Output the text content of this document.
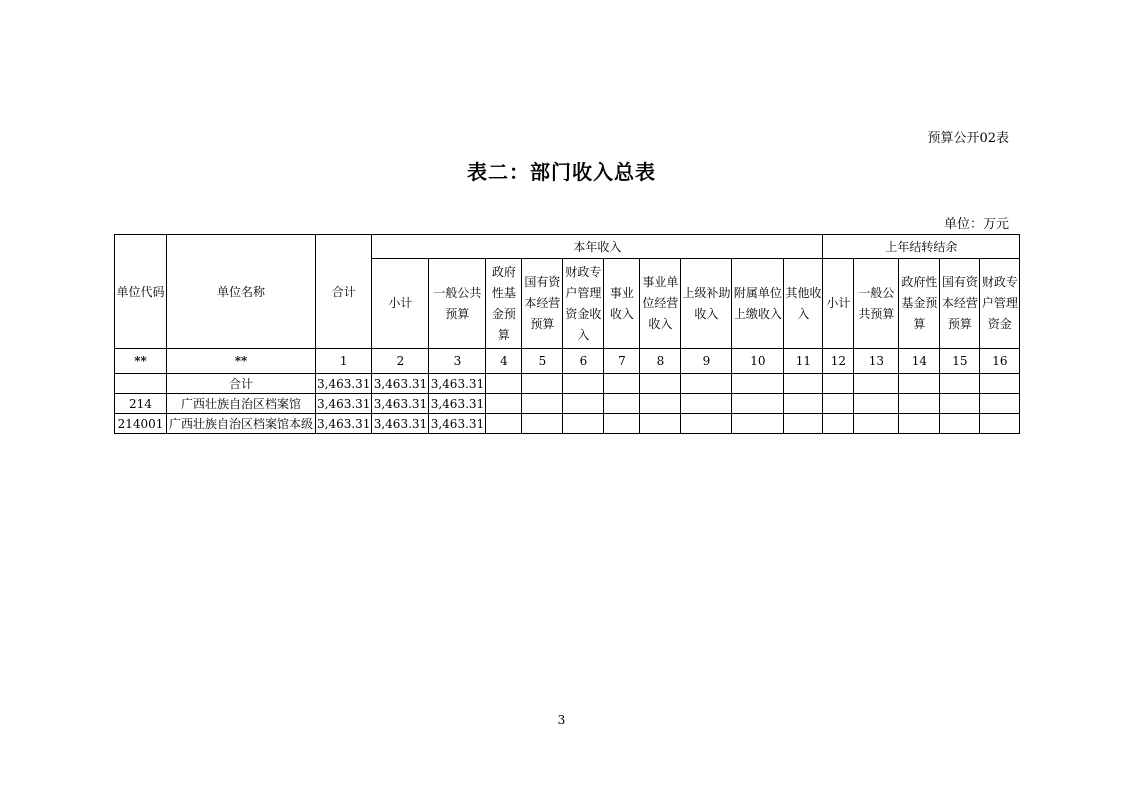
预算公开02表
表二：部门收入总表
单位：万元
单位代码	单位名称	合计	本年收入										上年结转结余				
			小计	一般公共预算	政府性基金预算	国有资本经营预算	财政专户管理资金收入	事业收入	事业单位经营收入	上级补助收入	附属单位上缴收入	其他收入	小计	一般公共预算	政府性基金预算	国有资本经营预算	财政专户管理资金
**	**	1	2	3	4	5	6	7	8	9	10	11	12	13	14	15	16
	合计	3,463.31	3,463.31	3,463.31													
214	广西壮族自治区档案馆	3,463.31	3,463.31	3,463.31													
214001	广西壮族自治区档案馆本级	3,463.31	3,463.31	3,463.31													
3
